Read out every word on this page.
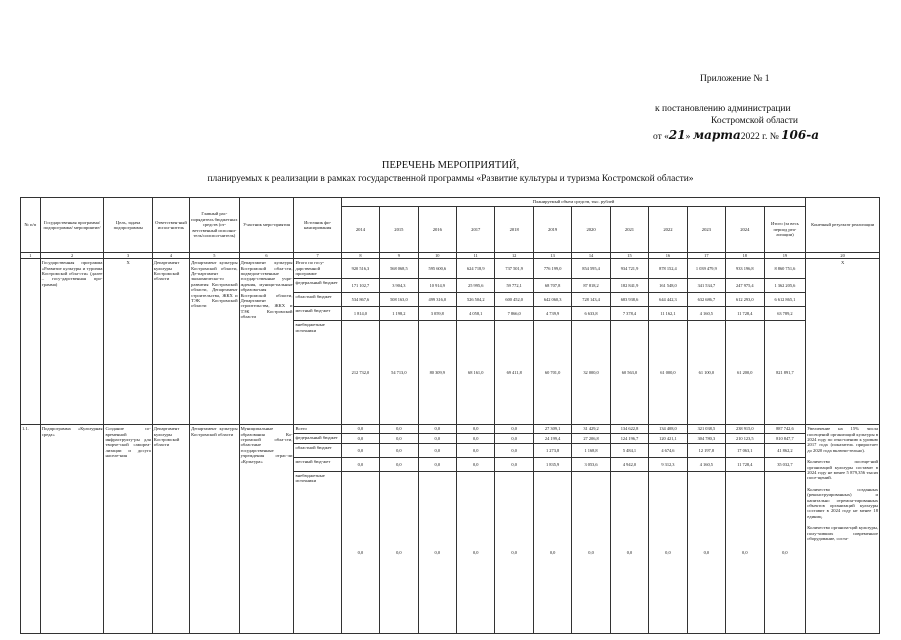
Приложение № 1
к постановлению администрации
Костромской области
от «21» марта2022 г. № 106-а
ПЕРЕЧЕНЬ МЕРОПРИЯТИЙ,
планируемых к реализации в рамках государственной программы «Развитие культуры и туризма Костромской области»
№ п/п	Государственная программа/ подпрограмма/ мероприятие/	Цель, задача подпрограммы	Ответствен-ный испол-нитель	Главный рас-порядитель бюджетных средств (от-ветственный исполни-тель/соиспол-нитель)	Участник меро-приятия	Источник фи-нансирования	Планируемый объем средств, тыс. рублей												Конечный результат реализации
							2014	2015	2016	2017	2018	2019	2020	2021	2022	2023	2024	Итого (за весь период реа-лизации)	
1	2	3	4	5	6	7	8	9	10	11	12	13	14	15	16	17	18	19	20
	Государственная программа «Развитие культуры и туризма Костромской обла-сти» (далее – госу-дарственная про-грамма)	X	Департамент культуры Костромской области	Департамент культуры Костромской области, Де-партамент экономическо-го развития Костромской области, Департамент строительства, ЖКХ и ТЭК Костромской области	Департамент культуры Костромской обла-сти, подведом-ственные государ-ственные учре-ждения, муници-пальные образова-ния Костромской области, Департамент строительства, ЖКХ и ТЭК Костромской области	Итого по госу-дарственной программе	920 516,3	568 068,5	595 600,6	624 718,9	737 501,9	776 199,0	854 595,4	934 721,9	878 152,4	1 039 479,9	933 196,8	8 860 751,6	X
						федеральный бюджет	171 102,7	3 904,3	10 914,9	25 995,6	59 772,1	68 707,8	87 818,2	182 841,9	161 548,0	341 534,7	247 975,4	1 362 205,6	
						областной бюджет	534 867,6	508 163,0	499 316,0	526 504,2	600 452,0	642 060,3	728 143,4	683 938,6	644 442,3	632 686,7	612 293,0	6 612 865,1	
						местный бюд-жет	1 814,0	1 198,2	3 059,8	4 058,1	7 866,0	4 739,9	6 633,8	7 378,4	11 162,1	4 160,5	11 728,4	63 789,2	
						внебюджетные источники	212 732,0	54 713,0	80 309,9	68 161,0	69 411,8	60 701,0	32 000,0	60 563,0	61 000,0	61 100,0	61 200,0	821 891,7	
1.1.	Подпрограмма «Культурная среда»	Создание со-временной инфраструкту-ры для творче-ской самореа-лизации и досуга населе-ния	Департамент культуры Костромской области	Департамент культуры Костромской области	Муниципальные образования Ко-стромской обла-сти, областные государственные учреждения отрас-ли «Культура»	Всего	0,0	0,0	0,0	0,0	0,0	27 309,1	31 429,2	134 622,8	134 408,0	321 038,5	238 915,0	887 742,6	Увеличение на 15% числа посещений организаций культуры в 2024 году по отно-шению к уровню 2017 года (показатель прирастает до 2020 года включи-тельно).
Количество посеще-ний организаций культуры составит в 2024 году не менее 5 879,356 тысяч посе-щений.
Количество созданных (реконструированных) и капитально отремон-тированных объектов организаций культуры составит в 2024 году не менее 18 единиц.
Количество организа-ций культуры, полу-чивших современное оборудование, соста-

						федеральный бюджет	0,0	0,0	0,0	0,0	0,0	24 199,4	27 206,8	124 196,7	120 421,1	304 780,3	210 123,5	810 847,7	
						областной бюджет	0,0	0,0	0,0	0,0	0,0	1 273,8	1 168,8	5 484,1	4 674,6	12 197,8	17 063,1	41 862,2	
						местный бюд-жет	0,0	0,0	0,0	0,0	0,0	1 835,9	3 053,6	4 942,0	9 312,3	4 160,5	11 728,4	35 032,7	
						внебюджетные источники	0,0	0,0	0,0	0,0	0,0	0,0	0,0	0,0	0,0	0,0	0,0	0,0	
